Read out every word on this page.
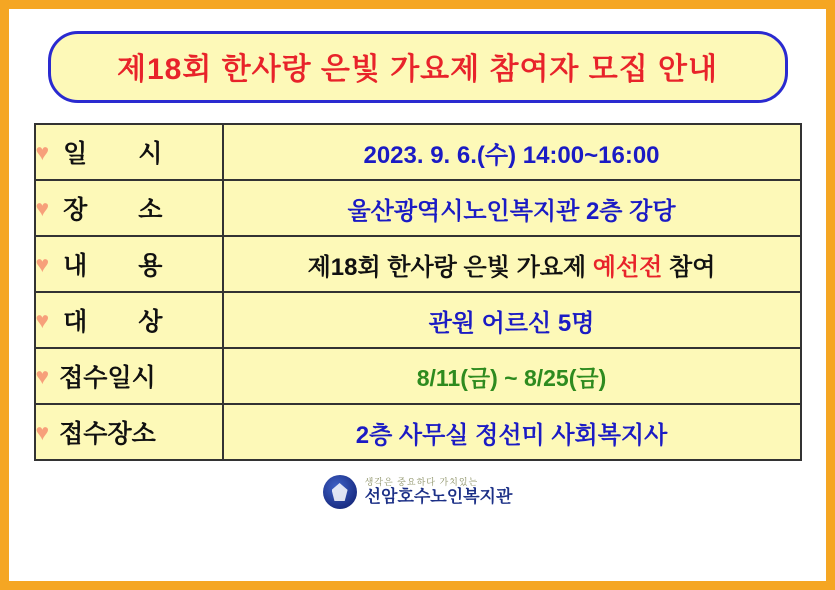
제18회 한사랑 은빛 가요제 참여자 모집 안내
♥ 일 시	2023. 9. 6.(수) 14:00~16:00

♥ 장 소	울산광역시노인복지관 2층 강당

♥ 내 용	제18회 한사랑 은빛 가요제 예선전 참여

♥ 대 상	관원 어르신 5명

♥ 접수일시	8/11(금) ~ 8/25(금)

♥ 접수장소	2층 사무실 정선미 사회복지사
생각은 중요하다 가치있는
선암호수노인복지관
